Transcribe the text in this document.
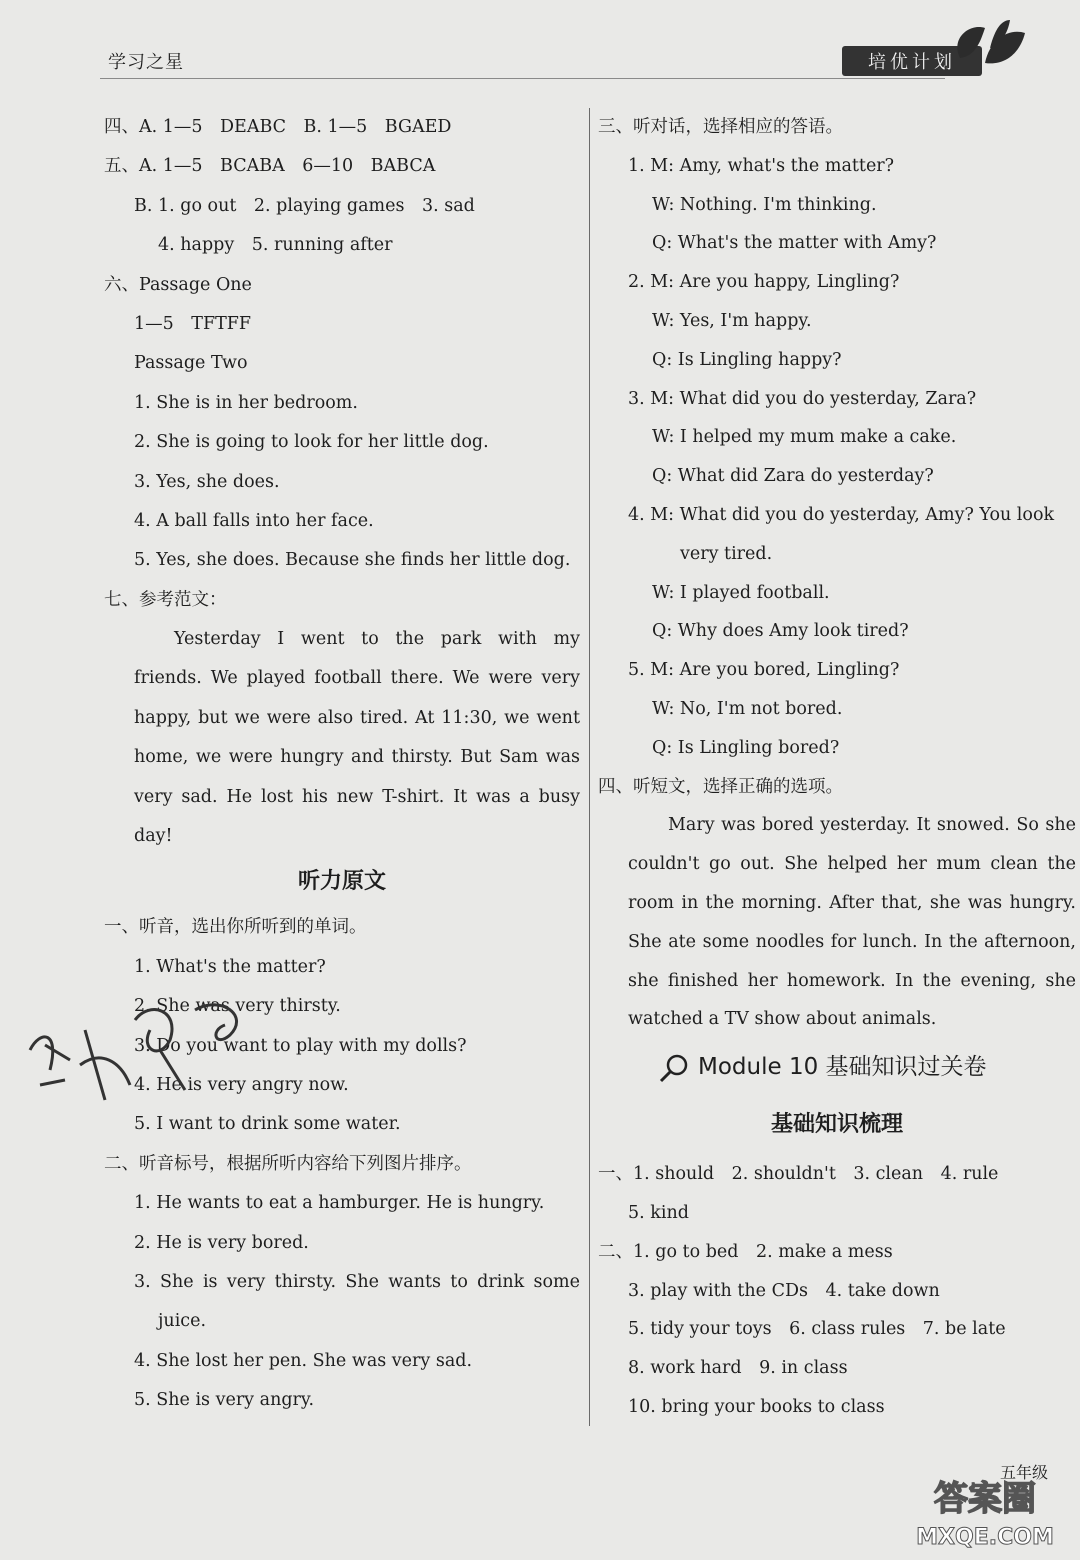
学习之星	培优计划
四、A. 1—5　DEABC　B. 1—5　BGAED
五、A. 1—5　BCABA　6—10　BABCA
B. 1. go out　2. playing games　3. sad
4. happy　5. running after
六、Passage One
1—5　TFTFF
Passage Two
1. She is in her bedroom.
2. She is going to look for her little dog.
3. Yes, she does.
4. A ball falls into her face.
5. Yes, she does. Because she finds her little dog.
七、参考范文：
Yesterday I went to the park with my
friends. We played football there. We were very
happy, but we were also tired. At 11:30, we went
home, we were hungry and thirsty. But Sam was
very sad. He lost his new T-shirt. It was a busy
day!
听力原文
一、听音，选出你所听到的单词。
1. What's the matter?
2. She was very thirsty.
3. Do you want to play with my dolls?
4. He is very angry now.
5. I want to drink some water.
二、听音标号，根据所听内容给下列图片排序。
1. He wants to eat a hamburger. He is hungry.
2. He is very bored.
3. She is very thirsty. She wants to drink some
juice.
4. She lost her pen. She was very sad.
5. She is very angry.
三、听对话，选择相应的答语。
1. M: Amy, what's the matter?
W: Nothing. I'm thinking.
Q: What's the matter with Amy?
2. M: Are you happy, Lingling?
W: Yes, I'm happy.
Q: Is Lingling happy?
3. M: What did you do yesterday, Zara?
W: I helped my mum make a cake.
Q: What did Zara do yesterday?
4. M: What did you do yesterday, Amy? You look
very tired.
W: I played football.
Q: Why does Amy look tired?
5. M: Are you bored, Lingling?
W: No, I'm not bored.
Q: Is Lingling bored?
四、听短文，选择正确的选项。
Mary was bored yesterday. It snowed. So she
couldn't go out. She helped her mum clean the
room in the morning. After that, she was hungry.
She ate some noodles for lunch. In the afternoon,
she finished her homework. In the evening, she
watched a TV show about animals.
Module 10 基础知识过关卷
基础知识梳理
一、1. should　2. shouldn't　3. clean　4. rule
5. kind
二、1. go to bed　2. make a mess
3. play with the CDs　4. take down
5. tidy your toys　6. class rules　7. be late
8. work hard　9. in class
10. bring your books to class
五年级
答案圈
MXQE.COM
